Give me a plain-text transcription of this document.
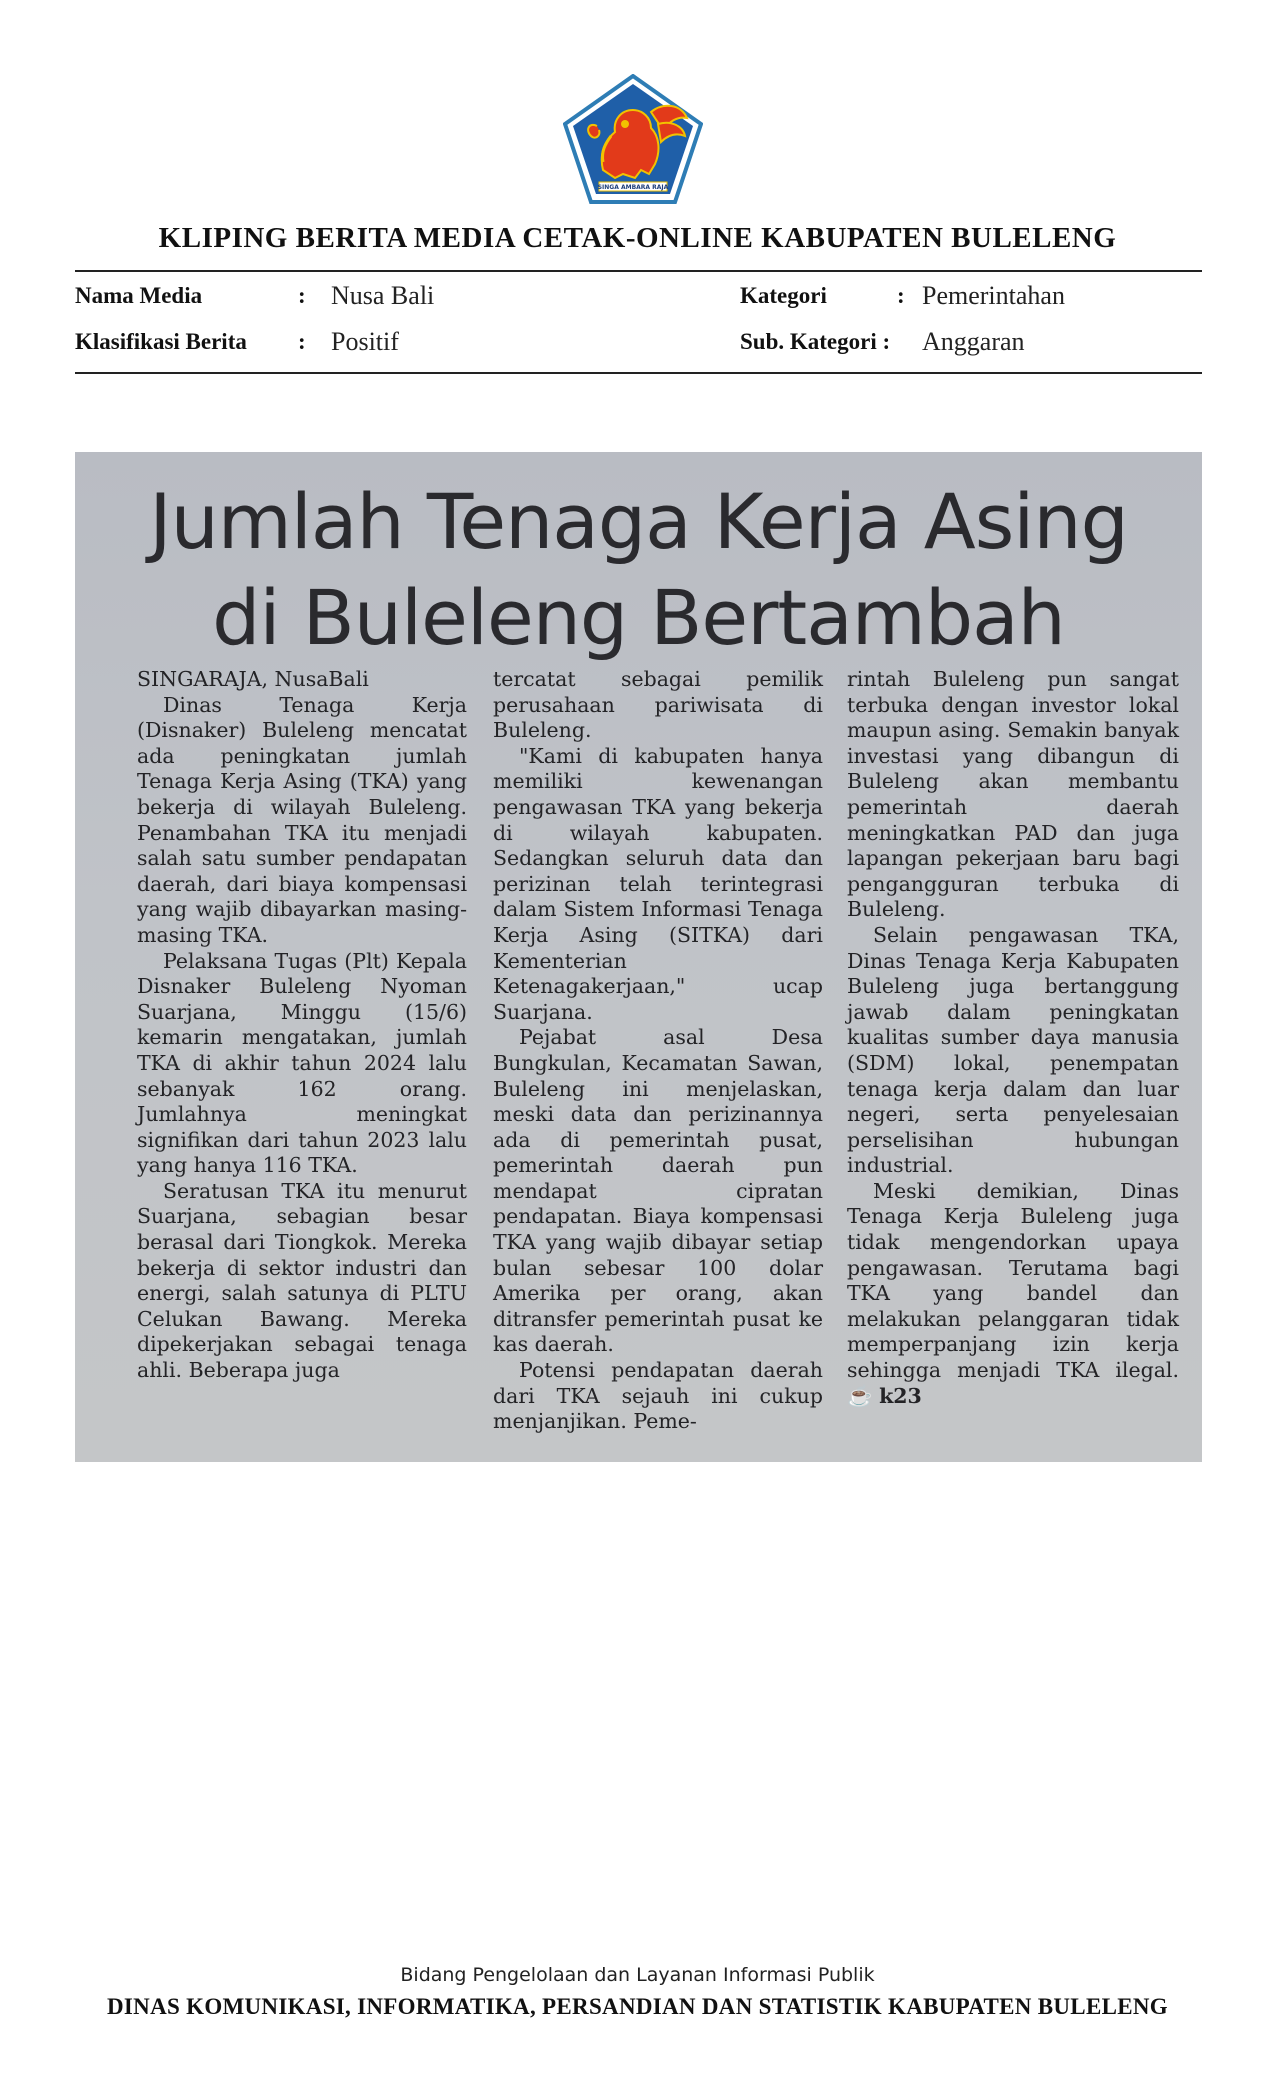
SINGA AMBARA RAJA
KLIPING BERITA MEDIA CETAK-ONLINE KABUPATEN BULELENG
Nama Media	: Nusa Bali
Klasifikasi Berita : Positif
Kategori	: Pemerintahan
Sub. Kategori : Anggaran
Jumlah Tenaga Kerja Asing
di Buleleng Bertambah

SINGARAJA, NusaBali

Dinas Tenaga Kerja (Disnaker) Buleleng mencatat ada peningkatan jumlah Tenaga Kerja Asing (TKA) yang bekerja di wilayah Buleleng. Penambahan TKA itu menjadi salah satu sumber pendapatan daerah, dari biaya kompensasi yang wajib dibayarkan masing-masing TKA.

Pelaksana Tugas (Plt) Kepala Disnaker Buleleng Nyoman Suarjana, Minggu (15/6) kemarin mengatakan, jumlah TKA di akhir tahun 2024 lalu sebanyak 162 orang. Jumlahnya meningkat signifikan dari tahun 2023 lalu yang hanya 116 TKA.

Seratusan TKA itu menurut Suarjana, sebagian besar berasal dari Tiongkok. Mereka bekerja di sektor industri dan energi, salah satunya di PLTU Celukan Bawang. Mereka dipekerjakan sebagai tenaga ahli. Beberapa juga

tercatat sebagai pemilik perusahaan pariwisata di Buleleng.

"Kami di kabupaten hanya memiliki kewenangan pengawasan TKA yang bekerja di wilayah kabupaten. Sedangkan seluruh data dan perizinan telah terintegrasi dalam Sistem Informasi Tenaga Kerja Asing (SITKA) dari Kementerian Ketenagakerjaan," ucap Suarjana.

Pejabat asal Desa Bungkulan, Kecamatan Sawan, Buleleng ini menjelaskan, meski data dan perizinannya ada di pemerintah pusat, pemerintah daerah pun mendapat cipratan pendapatan. Biaya kompensasi TKA yang wajib dibayar setiap bulan sebesar 100 dolar Amerika per orang, akan ditransfer pemerintah pusat ke kas daerah.

Potensi pendapatan daerah dari TKA sejauh ini cukup menjanjikan. Peme-

rintah Buleleng pun sangat terbuka dengan investor lokal maupun asing. Semakin banyak investasi yang dibangun di Buleleng akan membantu pemerintah daerah meningkatkan PAD dan juga lapangan pekerjaan baru bagi pengangguran terbuka di Buleleng.

Selain pengawasan TKA, Dinas Tenaga Kerja Kabupaten Buleleng juga bertanggung jawab dalam peningkatan kualitas sumber daya manusia (SDM) lokal, penempatan tenaga kerja dalam dan luar negeri, serta penyelesaian perselisihan hubungan industrial.

Meski demikian, Dinas Tenaga Kerja Buleleng juga tidak mengendorkan upaya pengawasan. Terutama bagi TKA yang bandel dan melakukan pelanggaran tidak memperpanjang izin kerja sehingga menjadi TKA ilegal. ☕ k23

Bidang Pengelolaan dan Layanan Informasi Publik
DINAS KOMUNIKASI, INFORMATIKA, PERSANDIAN DAN STATISTIK KABUPATEN BULELENG
